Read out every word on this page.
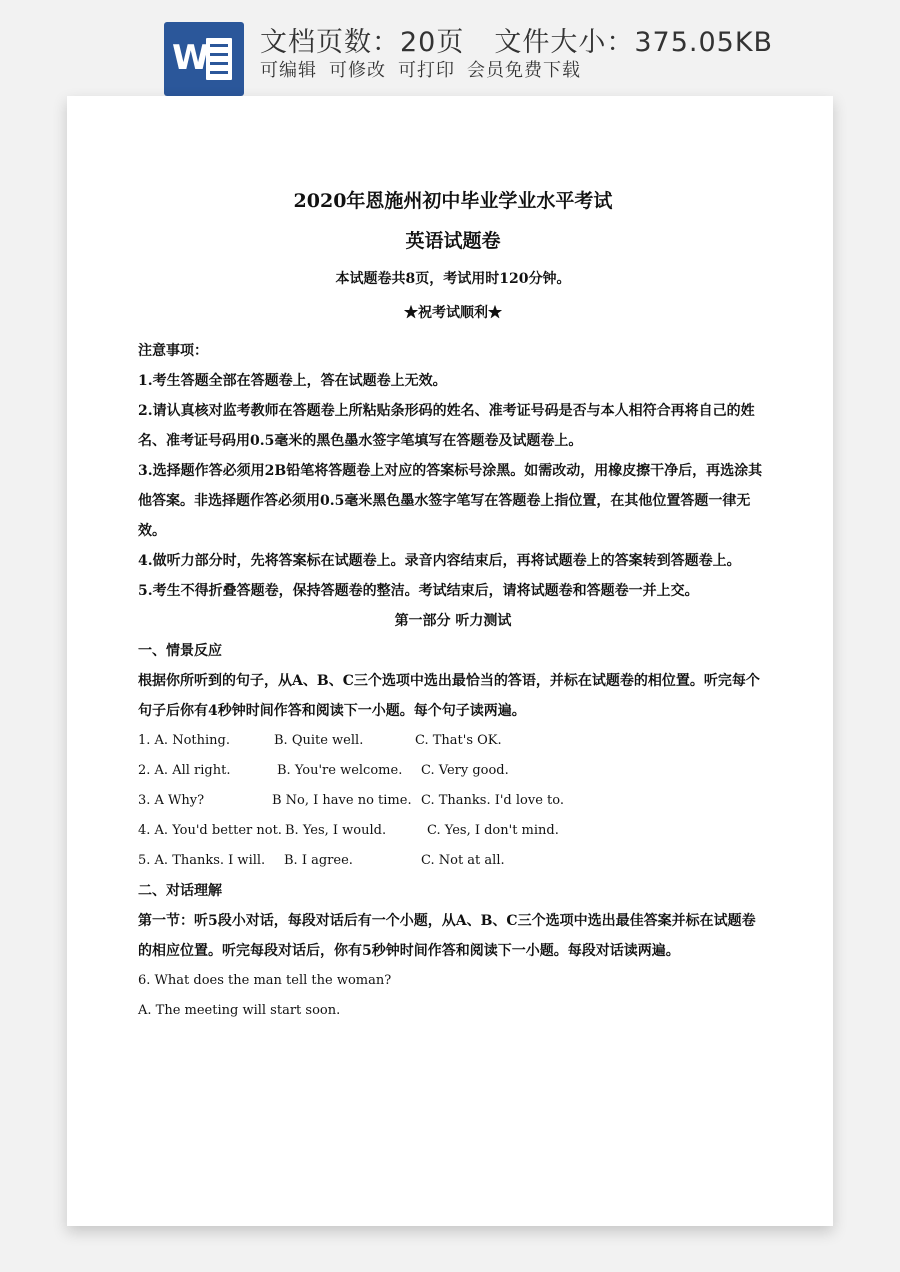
W 文档页数：20页 文件大小：375.05KB
可编辑 可修改 可打印 会员免费下载
2020年恩施州初中毕业学业水平考试
英语试题卷
本试题卷共8页，考试用时120分钟。
★祝考试顺利★

注意事项：

1.考生答题全部在答题卷上，答在试题卷上无效。

2.请认真核对监考教师在答题卷上所粘贴条形码的姓名、准考证号码是否与本人相符合再将自己的姓名、准考证号码用0.5毫米的黑色墨水签字笔填写在答题卷及试题卷上。

3.选择题作答必须用2B铅笔将答题卷上对应的答案标号涂黑。如需改动，用橡皮擦干净后，再选涂其他答案。非选择题作答必须用0.5毫米黑色墨水签字笔写在答题卷上指位置，在其他位置答题一律无效。

4.做听力部分时，先将答案标在试题卷上。录音内容结束后，再将试题卷上的答案转到答题卷上。

5.考生不得折叠答题卷，保持答题卷的整洁。考试结束后，请将试题卷和答题卷一并上交。

第一部分 听力测试

一、情景反应

根据你所听到的句子，从A、B、C三个选项中选出最恰当的答语，并标在试题卷的相位置。听完每个句子后你有4秒钟时间作答和阅读下一小题。每个句子读两遍。

1. A. Nothing.	B. Quite well.	C. That's OK.
2. A. All right.	B. You're welcome.	C. Very good.
3. A Why?	B No, I have no time. C. Thanks. I'd love to.
4. A. You'd better not. B. Yes, I would.	C. Yes, I don't mind.
5. A. Thanks. I will.	B. I agree.	C. Not at all.

二、对话理解

第一节：听5段小对话，每段对话后有一个小题，从A、B、C三个选项中选出最佳答案并标在试题卷的相应位置。听完每段对话后，你有5秒钟时间作答和阅读下一小题。每段对话读两遍。

6. What does the man tell the woman?

A. The meeting will start soon.
